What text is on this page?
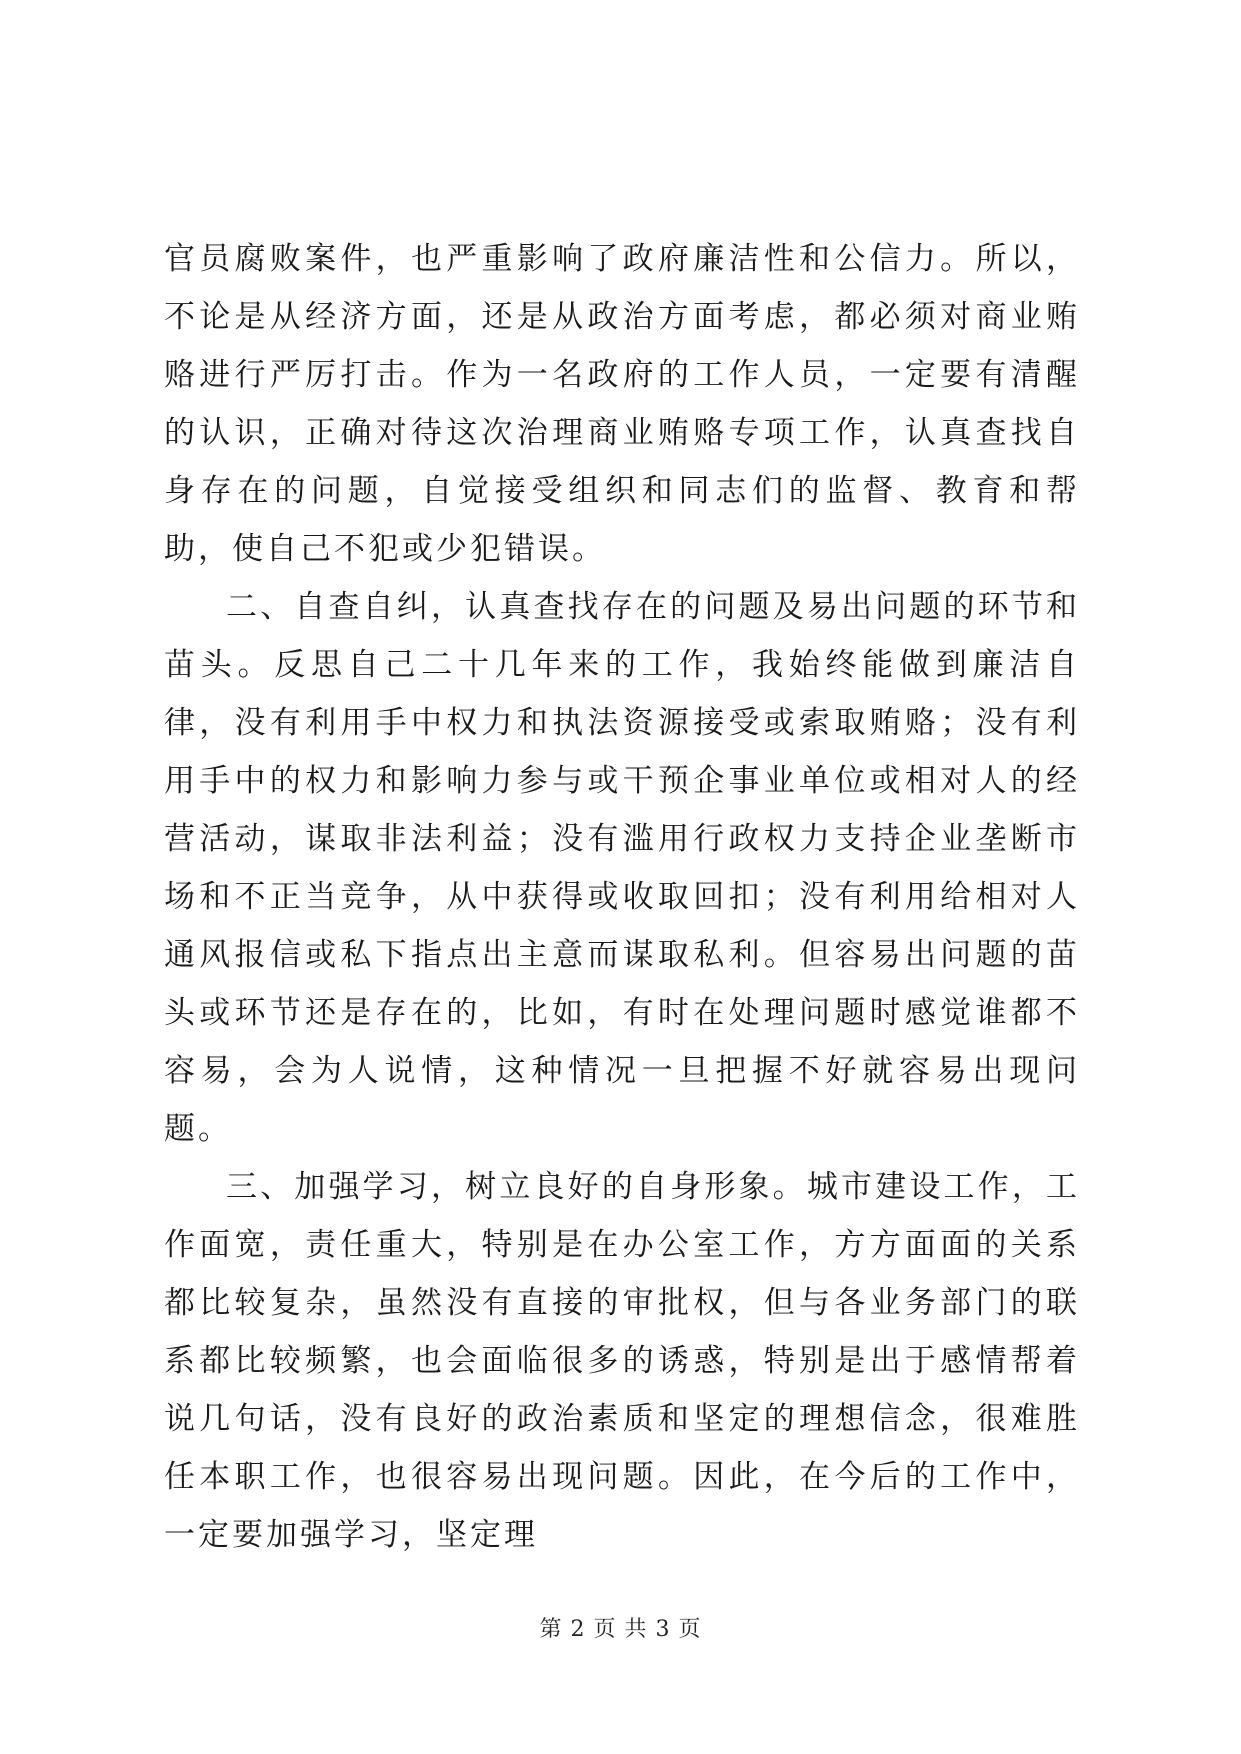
官员腐败案件，也严重影响了政府廉洁性和公信力。所以，不论是从经济方面，还是从政治方面考虑，都必须对商业贿赂进行严厉打击。作为一名政府的工作人员，一定要有清醒的认识，正确对待这次治理商业贿赂专项工作，认真查找自身存在的问题，自觉接受组织和同志们的监督、教育和帮助，使自己不犯或少犯错误。

二、自查自纠，认真查找存在的问题及易出问题的环节和苗头。反思自己二十几年来的工作，我始终能做到廉洁自律，没有利用手中权力和执法资源接受或索取贿赂；没有利用手中的权力和影响力参与或干预企事业单位或相对人的经营活动，谋取非法利益；没有滥用行政权力支持企业垄断市场和不正当竞争，从中获得或收取回扣；没有利用给相对人通风报信或私下指点出主意而谋取私利。但容易出问题的苗头或环节还是存在的，比如，有时在处理问题时感觉谁都不容易，会为人说情，这种情况一旦把握不好就容易出现问题。

三、加强学习，树立良好的自身形象。城市建设工作，工作面宽，责任重大，特别是在办公室工作，方方面面的关系都比较复杂，虽然没有直接的审批权，但与各业务部门的联系都比较频繁，也会面临很多的诱惑，特别是出于感情帮着说几句话，没有良好的政治素质和坚定的理想信念，很难胜任本职工作，也很容易出现问题。因此，在今后的工作中，一定要加强学习，坚定理

第 2 页 共 3 页
